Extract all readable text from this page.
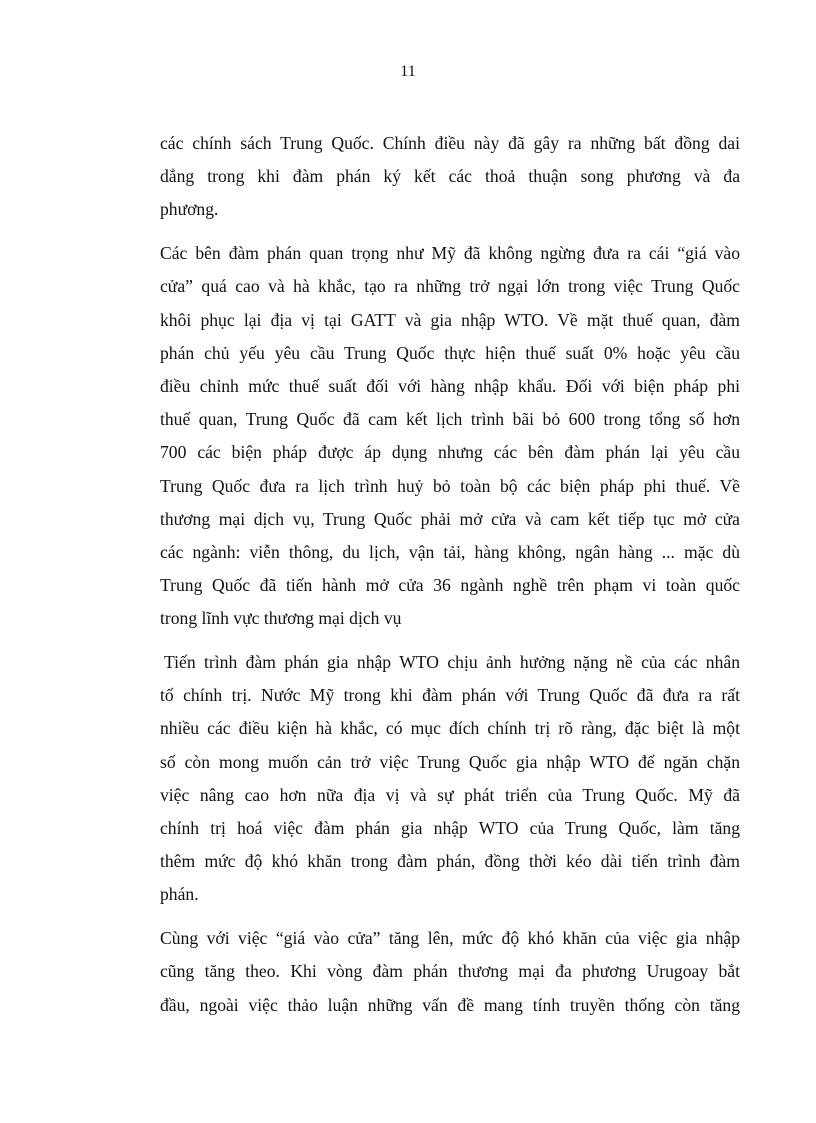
11

các chính sách Trung Quốc. Chính điều này đã gây ra những bất đồng dai
dẳng trong khi đàm phán ký kết các thoả thuận song phương và đa
phương.

Các bên đàm phán quan trọng như Mỹ đã không ngừng đưa ra cái “giá vào
cửa” quá cao và hà khắc, tạo ra những trở ngại lớn trong việc Trung Quốc
khôi phục lại địa vị tại GATT và gia nhập WTO. Về mặt thuế quan, đàm
phán chủ yếu yêu cầu Trung Quốc thực hiện thuế suất 0% hoặc yêu cầu
điều chỉnh mức thuế suất đối với hàng nhập khẩu. Đối với biện pháp phi
thuế quan, Trung Quốc đã cam kết lịch trình bãi bỏ 600 trong tổng số hơn
700 các biện pháp được áp dụng nhưng các bên đàm phán lại yêu cầu
Trung Quốc đưa ra lịch trình huỷ bỏ toàn bộ các biện pháp phi thuế. Về
thương mại dịch vụ, Trung Quốc phải mở cửa và cam kết tiếp tục mở cửa
các ngành: viễn thông, du lịch, vận tải, hàng không, ngân hàng ... mặc dù
Trung Quốc đã tiến hành mở cửa 36 ngành nghề trên phạm vi toàn quốc
trong lĩnh vực thương mại dịch vụ

Tiến trình đàm phán gia nhập WTO chịu ảnh hưởng nặng nề của các nhân
tố chính trị. Nước Mỹ trong khi đàm phán với Trung Quốc đã đưa ra rất
nhiều các điều kiện hà khắc, có mục đích chính trị rõ ràng, đặc biệt là một
số còn mong muốn cản trở việc Trung Quốc gia nhập WTO để ngăn chặn
việc nâng cao hơn nữa địa vị và sự phát triển của Trung Quốc. Mỹ đã
chính trị hoá việc đàm phán gia nhập WTO của Trung Quốc, làm tăng
thêm mức độ khó khăn trong đàm phán, đồng thời kéo dài tiến trình đàm
phán.

Cùng với việc “giá vào cửa” tăng lên, mức độ khó khăn của việc gia nhập
cũng tăng theo. Khi vòng đàm phán thương mại đa phương Urugoay bắt
đầu, ngoài việc thảo luận những vấn đề mang tính truyền thống còn tăng
